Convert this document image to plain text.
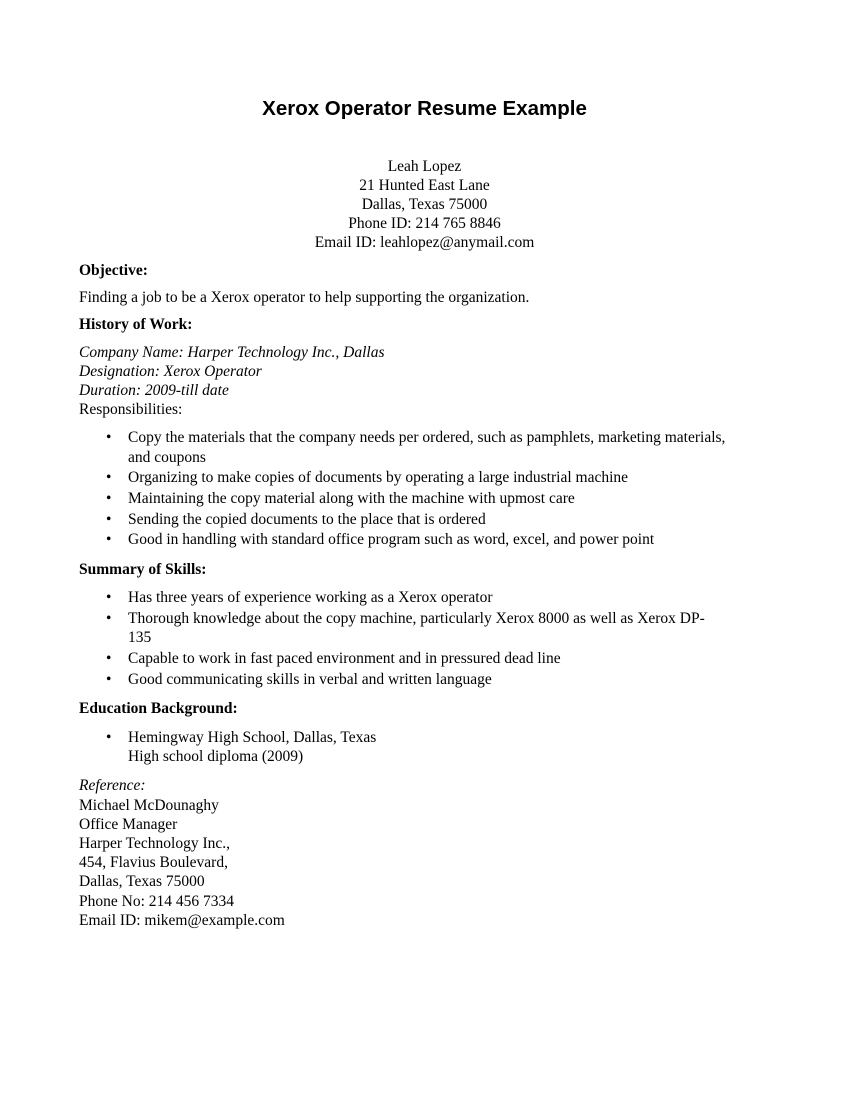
Xerox Operator Resume Example
Leah Lopez
21 Hunted East Lane
Dallas, Texas 75000
Phone ID: 214 765 8846
Email ID: leahlopez@anymail.com

Objective:

Finding a job to be a Xerox operator to help supporting the organization.

History of Work:

Company Name: Harper Technology Inc., Dallas

Designation: Xerox Operator

Duration: 2009-till date

Responsibilities:

• Copy the materials that the company needs per ordered, such as pamphlets, marketing materials,
and coupons
• Organizing to make copies of documents by operating a large industrial machine
• Maintaining the copy material along with the machine with upmost care
• Sending the copied documents to the place that is ordered
• Good in handling with standard office program such as word, excel, and power point

Summary of Skills:

• Has three years of experience working as a Xerox operator
• Thorough knowledge about the copy machine, particularly Xerox 8000 as well as Xerox DP-
135
• Capable to work in fast paced environment and in pressured dead line
• Good communicating skills in verbal and written language

Education Background:

• Hemingway High School, Dallas, Texas
High school diploma (2009)

Reference:

Michael McDounaghy

Office Manager

Harper Technology Inc.,

454, Flavius Boulevard,

Dallas, Texas 75000

Phone No: 214 456 7334

Email ID: mikem@example.com
